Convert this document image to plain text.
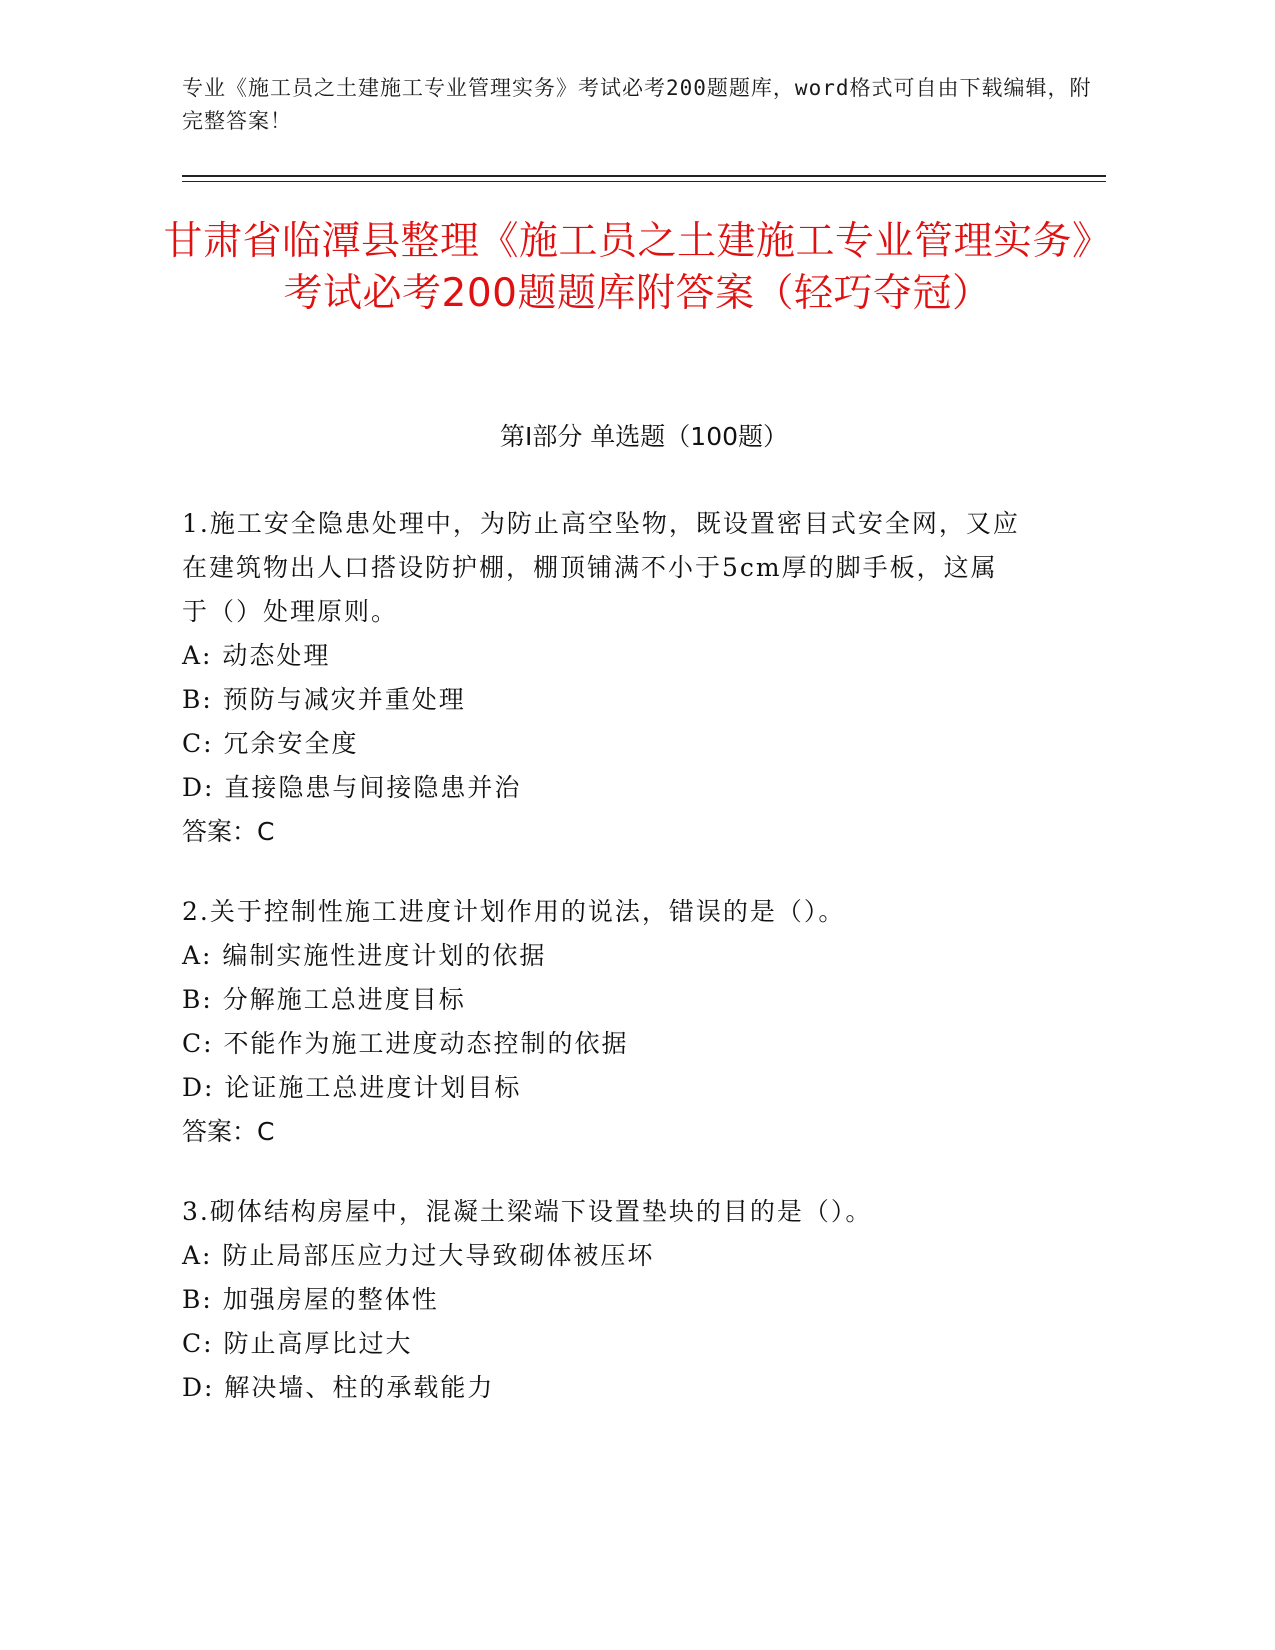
专业《施工员之土建施工专业管理实务》考试必考200题题库，word格式可自由下载编辑，附完整答案！
甘肃省临潭县整理《施工员之土建施工专业管理实务》考试必考200题题库附答案（轻巧夺冠）
第Ⅰ部分 单选题（100题）
1.施工安全隐患处理中，为防止高空坠物，既设置密目式安全网，又应在建筑物出人口搭设防护棚，棚顶铺满不小于5cm厚的脚手板，这属于（）处理原则。
A: 动态处理
B: 预防与减灾并重处理
C: 冗余安全度
D: 直接隐患与间接隐患并治
答案：C
2.关于控制性施工进度计划作用的说法，错误的是（）。
A: 编制实施性进度计划的依据
B: 分解施工总进度目标
C: 不能作为施工进度动态控制的依据
D: 论证施工总进度计划目标
答案：C
3.砌体结构房屋中，混凝土梁端下设置垫块的目的是（）。
A: 防止局部压应力过大导致砌体被压坏
B: 加强房屋的整体性
C: 防止高厚比过大
D: 解决墙、柱的承载能力
